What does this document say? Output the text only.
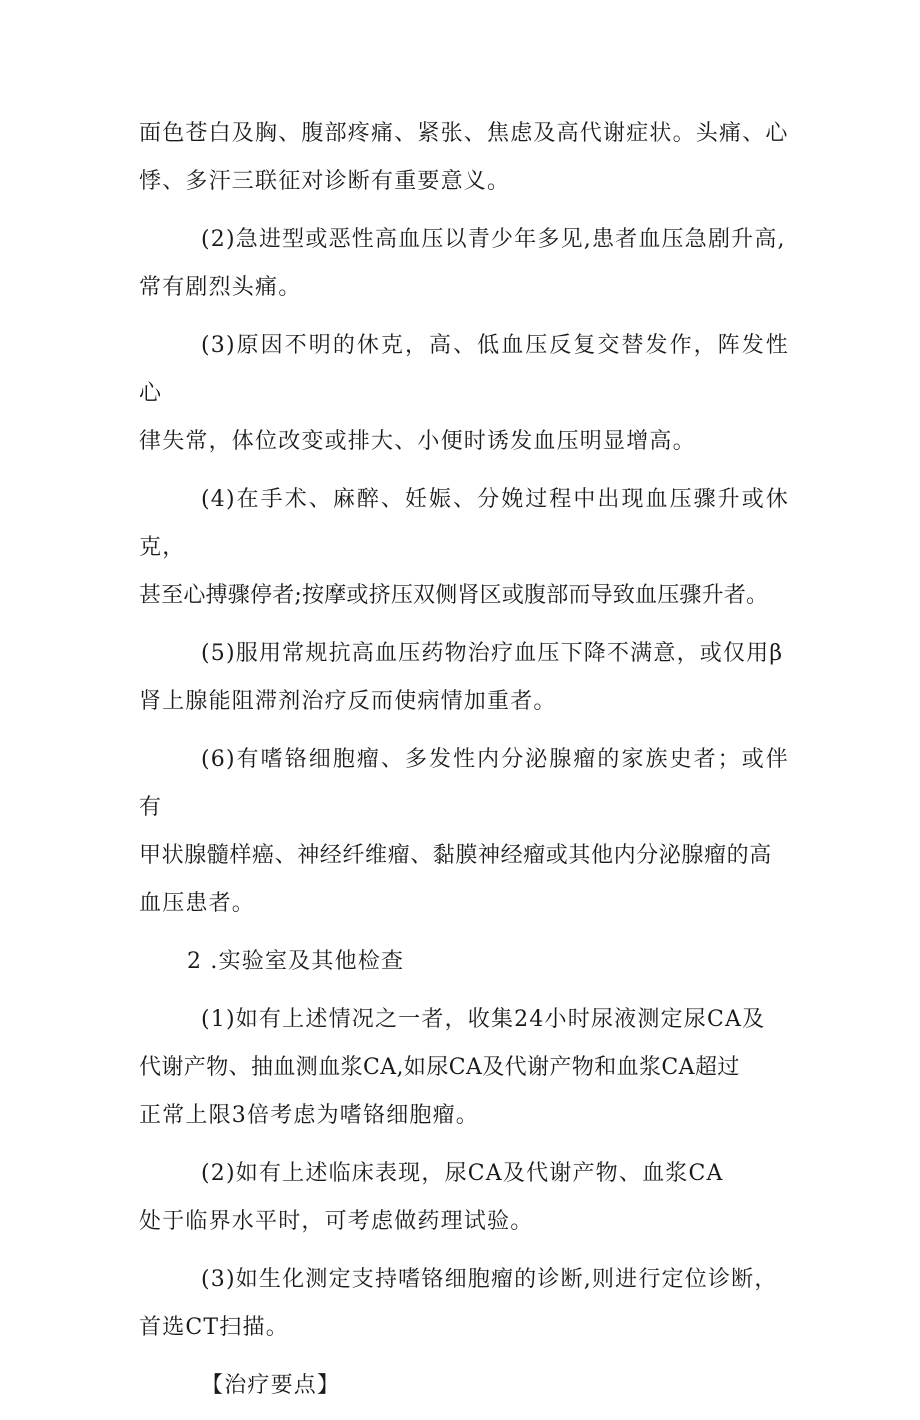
面色苍白及胸、腹部疼痛、紧张、焦虑及高代谢症状。头痛、心
悸、多汗三联征对诊断有重要意义。

(2)急进型或恶性高血压以青少年多见,患者血压急剧升高,
常有剧烈头痛。

(3)原因不明的休克，高、低血压反复交替发作，阵发性心
律失常，体位改变或排大、小便时诱发血压明显增高。

(4)在手术、麻醉、妊娠、分娩过程中出现血压骤升或休克，
甚至心搏骤停者;按摩或挤压双侧肾区或腹部而导致血压骤升者。

(5)服用常规抗高血压药物治疗血压下降不满意，或仅用β
肾上腺能阻滞剂治疗反而使病情加重者。

(6)有嗜铬细胞瘤、多发性内分泌腺瘤的家族史者；或伴有
甲状腺髓样癌、神经纤维瘤、黏膜神经瘤或其他内分泌腺瘤的高
血压患者。

2 .实验室及其他检查

(1)如有上述情况之一者，收集24小时尿液测定尿CA及
代谢产物、抽血测血浆CA,如尿CA及代谢产物和血浆CA超过
正常上限3倍考虑为嗜铬细胞瘤。

(2)如有上述临床表现，尿CA及代谢产物、血浆CA
处于临界水平时，可考虑做药理试验。

(3)如生化测定支持嗜铬细胞瘤的诊断,则进行定位诊断，
首选CT扫描。

【治疗要点】
